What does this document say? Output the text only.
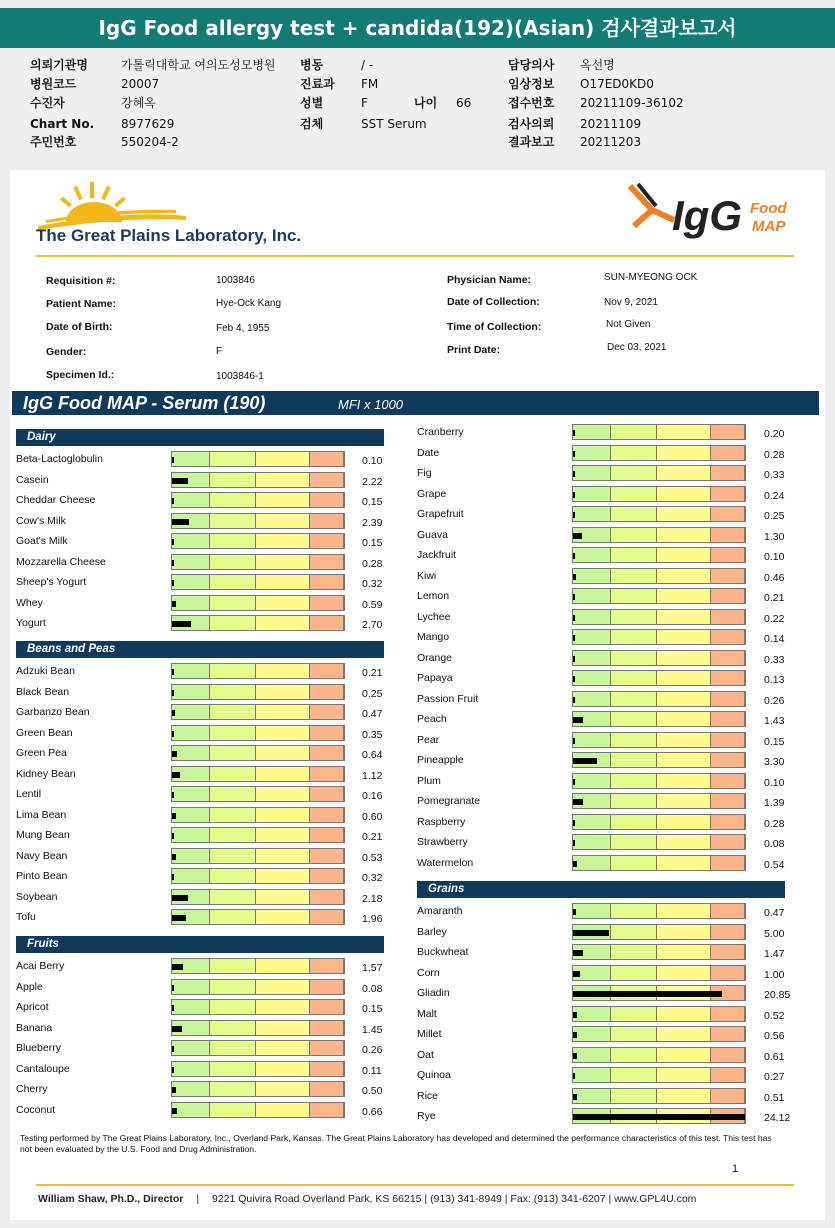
IgG Food allergy test + candida(192)(Asian) 검사결과보고서
의뢰기관명	가톨릭대학교 여의도성모병원
병원코드	20007
수진자	강혜옥
Chart No. 8977629
주민번호	550204-2
병동	/ -
진료과 FM
성별	F
검체	SST Serum
나이 66
담당의사 옥선명
임상정보 O17ED0KD0
접수번호 20211109-36102
검사의뢰 20211109
결과보고 20211203
The Great Plains Laboratory, Inc.	IgG Food
MAP
Requisition #:	1003846
Patient Name:	Hye-Ock Kang
Date of Birth:	Feb 4, 1955
Gender:	F
Specimen Id.:	1003846-1
Physician Name:	SUN-MYEONG OCK
Date of Collection:	Nov 9, 2021
Time of Collection:	Not Given
Print Date:	Dec 03, 2021
IgG Food MAP - Serum (190)	MFI x 1000
Dairy
Beta-Lactoglobulin	0.10
Casein	2.22
Cheddar Cheese	0.15
Cow's Milk	2.39
Goat's Milk	0.15
Mozzarella Cheese	0.28
Sheep's Yogurt	0.32
Whey	0.59
Yogurt	2.70
Beans and Peas
Adzuki Bean	0.21
Black Bean	0.25
Garbanzo Bean	0.47
Green Bean	0.35
Green Pea	0.64
Kidney Bean	1.12
Lentil	0.16
Lima Bean	0.60
Mung Bean	0.21
Navy Bean	0.53
Pinto Bean	0.32
Soybean	2.18
Tofu	1.96
Fruits
Acai Berry	1.57
Apple	0.08
Apricot	0.15
Banana	1.45
Blueberry	0.26
Cantaloupe	0.11
Cherry	0.50
Coconut	0.66
Cranberry	0.20
Date	0.28
Fig	0.33
Grape	0.24
Grapefruit	0.25
Guava	1.30
Jackfruit	0.10
Kiwi	0.46
Lemon	0.21
Lychee	0.22
Mango	0.14
Orange	0.33
Papaya	0.13
Passion Fruit	0.26
Peach	1.43
Pear	0.15
Pineapple	3.30
Plum	0.10
Pomegranate	1.39
Raspberry	0.28
Strawberry	0.08
Watermelon	0.54
Grains
Amaranth	0.47
Barley	5.00
Buckwheat	1.47
Corn	1.00
Gliadin	20.85
Malt	0.52
Millet	0.56
Oat	0.61
Quinoa	0.27
Rice	0.51
Rye	24.12
Testing performed by The Great Plains Laboratory, Inc., Overland Park, Kansas. The Great Plains Laboratory has developed and determined the performance characteristics of this test. This test has not been evaluated by the U.S. Food and Drug Administration.
1
William Shaw, Ph.D., Director | 9221 Quivira Road Overland Park, KS 66215 | (913) 341-8949 | Fax: (913) 341-6207 | www.GPL4U.com
